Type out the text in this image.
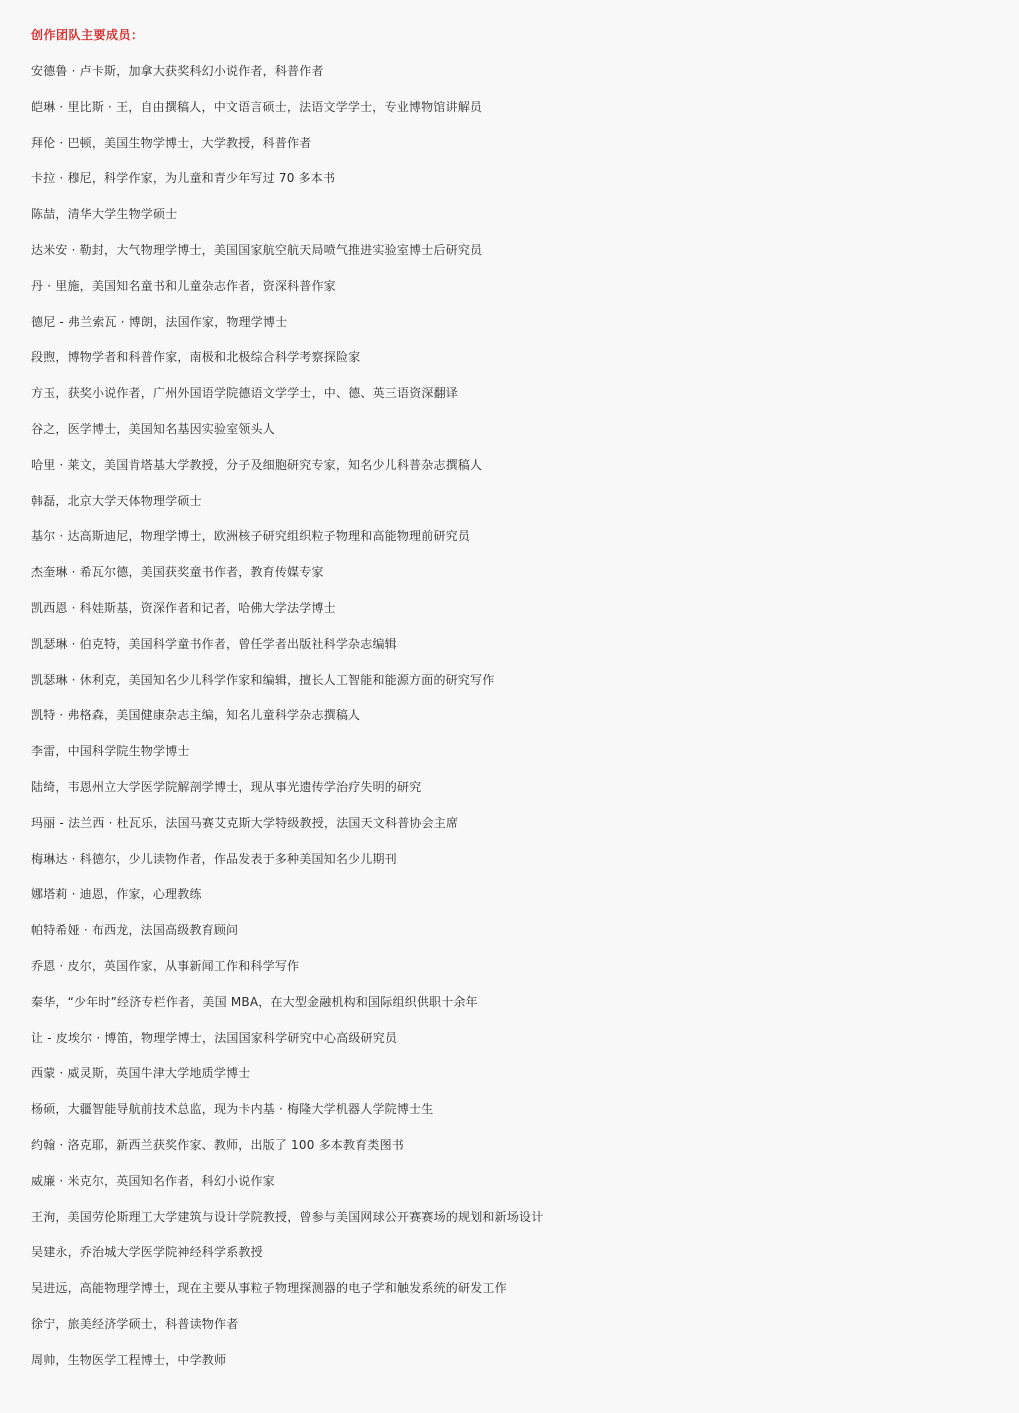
创作团队主要成员：
安德鲁 · 卢卡斯，加拿大获奖科幻小说作者，科普作者
皑琳 · 里比斯 · 王，自由撰稿人，中文语言硕士，法语文学学士，专业博物馆讲解员
拜伦 · 巴顿，美国生物学博士，大学教授，科普作者
卡拉 · 穆尼，科学作家，为儿童和青少年写过 70 多本书
陈喆，清华大学生物学硕士
达米安 · 勒封，大气物理学博士，美国国家航空航天局喷气推进实验室博士后研究员
丹 · 里施，美国知名童书和儿童杂志作者，资深科普作家
德尼 - 弗兰索瓦 · 博朗，法国作家，物理学博士
段煦，博物学者和科普作家，南极和北极综合科学考察探险家
方玉，获奖小说作者，广州外国语学院德语文学学士，中、德、英三语资深翻译
谷之，医学博士，美国知名基因实验室领头人
哈里 · 莱文，美国肯塔基大学教授，分子及细胞研究专家，知名少儿科普杂志撰稿人
韩磊，北京大学天体物理学硕士
基尔 · 达高斯迪尼，物理学博士，欧洲核子研究组织粒子物理和高能物理前研究员
杰奎琳 · 希瓦尔德，美国获奖童书作者，教育传媒专家
凯西恩 · 科娃斯基，资深作者和记者，哈佛大学法学博士
凯瑟琳 · 伯克特，美国科学童书作者，曾任学者出版社科学杂志编辑
凯瑟琳 · 休利克，美国知名少儿科学作家和编辑，擅长人工智能和能源方面的研究写作
凯特 · 弗格森，美国健康杂志主编，知名儿童科学杂志撰稿人
李雷，中国科学院生物学博士
陆绮，韦恩州立大学医学院解剖学博士，现从事光遗传学治疗失明的研究
玛丽 - 法兰西 · 杜瓦乐，法国马赛艾克斯大学特级教授，法国天文科普协会主席
梅琳达 · 科德尔，少儿读物作者，作品发表于多种美国知名少儿期刊
娜塔莉 · 迪恩，作家，心理教练
帕特希娅 · 布西龙，法国高级教育顾问
乔恩 · 皮尔，英国作家，从事新闻工作和科学写作
秦华，“少年时”经济专栏作者，美国 MBA，在大型金融机构和国际组织供职十余年
让 - 皮埃尔 · 博笛，物理学博士，法国国家科学研究中心高级研究员
西蒙 · 威灵斯，英国牛津大学地质学博士
杨硕，大疆智能导航前技术总监，现为卡内基 · 梅隆大学机器人学院博士生
约翰 · 洛克耶，新西兰获奖作家、教师，出版了 100 多本教育类图书
威廉 · 米克尔，英国知名作者，科幻小说作家
王洵，美国劳伦斯理工大学建筑与设计学院教授，曾参与美国网球公开赛赛场的规划和新场设计
吴建永，乔治城大学医学院神经科学系教授
吴进远，高能物理学博士，现在主要从事粒子物理探测器的电子学和触发系统的研发工作
徐宁，旅美经济学硕士，科普读物作者
周帅，生物医学工程博士，中学教师
